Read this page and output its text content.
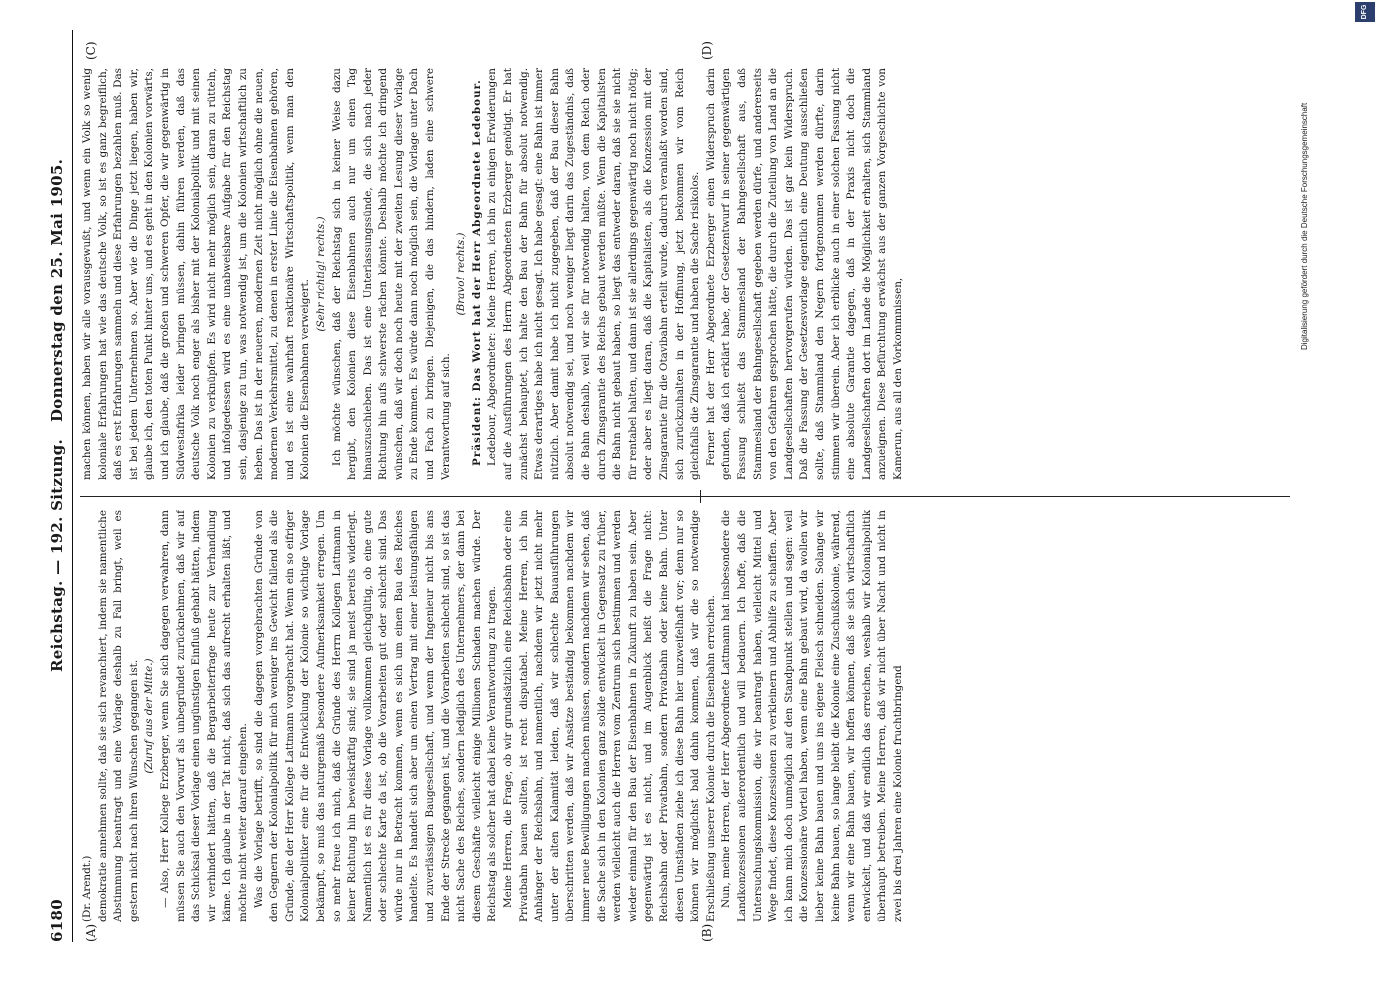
6180
Reichstag. — 192. Sitzung.
Donnerstag den 25. Mai 1905.
(A)	(B)
(C)	(D)

(Dr. Arendt.) demokratie annehmen sollte, daß sie sich revanchiert, indem sie namentliche Abstimmung beantragt und eine Vorlage deshalb zu Fall bringt, weil es gestern nicht nach ihren Wünschen gegangen ist. (Zuruf aus der Mitte.) — Also, Herr Kollege Erzberger, wenn Sie sich dagegen verwahren, dann müssen Sie auch den Vorwurf als unbegründet zurücknehmen, daß wir auf das Schicksal dieser Vorlage einen ungünstigen Einfluß gehabt hätten, indem wir verhindert hätten, daß die Bergarbeiterfrage heute zur Verhandlung käme. Ich glaube in der Tat nicht, daß sich das aufrecht erhalten läßt, und möchte nicht weiter darauf eingehen. Was die Vorlage betrifft, so sind die dagegen vorgebrachten Gründe von den Gegnern der Kolonialpolitik für mich weniger ins Gewicht fallend als die Gründe, die der Herr Kollege Lattmann vorgebracht hat. Wenn ein so eifriger Kolonialpolitiker eine für die Entwicklung der Kolonie so wichtige Vorlage bekämpft, so muß das naturgemäß besondere Aufmerksamkeit erregen. Um so mehr freue ich mich, daß die Gründe des Herrn Kollegen Lattmann in keiner Richtung hin beweiskräftig sind; sie sind ja meist bereits widerlegt. Namentlich ist es für diese Vorlage vollkommen gleichgültig, ob eine gute oder schlechte Karte da ist, ob die Vorarbeiten gut oder schlecht sind. Das würde nur in Betracht kommen, wenn es sich um einen Bau des Reiches handelte. Es handelt sich aber um einen Vertrag mit einer leistungsfähigen und zuverlässigen Baugesellschaft, und wenn der Ingenieur nicht bis ans Ende der Strecke gegangen ist, und die Vorarbeiten schlecht sind, so ist das nicht Sache des Reiches, sondern lediglich des Unternehmers, der dann bei diesem Geschäfte vielleicht einige Millionen Schaden machen würde. Der Reichstag als solcher hat dabei keine Verantwortung zu tragen. Meine Herren, die Frage, ob wir grundsätzlich eine Reichsbahn oder eine Privatbahn bauen sollten, ist recht disputabel. Meine Herren, ich bin Anhänger der Reichsbahn, und namentlich, nachdem wir jetzt nicht mehr unter der alten Kalamität leiden, daß wir schlechte Bauausführungen überschritten werden, daß wir Ansätze beständig bekommen nachdem wir immer neue Bewilligungen machen müssen, sondern nachdem wir sehen, daß die Sache sich in den Kolonien ganz solide entwickelt in Gegensatz zu früher, werden vielleicht auch die Herren vom Zentrum sich bestimmen und werden wieder einmal für den Bau der Eisenbahnen in Zukunft zu haben sein. Aber gegenwärtig ist es nicht, und im Augenblick heißt die Frage nicht: Reichsbahn oder Privatbahn, sondern Privatbahn oder keine Bahn. Unter diesen Umständen ziehe ich diese Bahn hier unzweifelhaft vor; denn nur so können wir möglichst bald dahin kommen, daß wir die so notwendige Erschließung unserer Kolonie durch die Eisenbahn erreichen. Nun, meine Herren, der Herr Abgeordnete Lattmann hat insbesondere die Landkonzessionen außerordentlich und will bedauern. Ich hoffe, daß die Untersuchungskommission, die wir beantragt haben, vielleicht Mittel und Wege findet, diese Konzessionen zu verkleinern und Abhilfe zu schaffen. Aber ich kann mich doch unmöglich auf den Standpunkt stellen und sagen: weil die Konzessionäre Vorteil haben, wenn eine Bahn gebaut wird, da wollen wir lieber keine Bahn bauen und uns ins eigene Fleisch schneiden. Solange wir keine Bahn bauen, so lange bleibt die Kolonie eine Zuschußkolonie, während, wenn wir eine Bahn bauen, wir hoffen können, daß sie sich wirtschaftlich entwickelt, und daß wir endlich das erreichen, weshalb wir Kolonialpolitik überhaupt betreiben. Meine Herren, daß wir nicht über Nacht und nicht in zwei bis drei Jahren eine Kolonie fruchtbringend

machen können, haben wir alle vorausgewußt, und wenn ein Volk so wenig koloniale Erfahrungen hat wie das deutsche Volk, so ist es ganz begreiflich, daß es erst Erfahrungen sammeln und diese Erfahrungen bezahlen muß. Das ist bei jedem Unternehmen so. Aber wie die Dinge jetzt liegen, haben wir, glaube ich, den toten Punkt hinter uns, und es geht in den Kolonien vorwärts, und ich glaube, daß die großen und schweren Opfer, die wir gegenwärtig in Südwestafrika leider bringen müssen, dahin führen werden, daß das deutsche Volk noch enger als bisher mit der Kolonialpolitik und mit seinen Kolonien zu verknüpfen. Es wird nicht mehr möglich sein, daran zu rütteln, und infolgedessen wird es eine unabweisbare Aufgabe für den Reichstag sein, dasjenige zu tun, was notwendig ist, um die Kolonien wirtschaftlich zu heben. Das ist in der neueren, modernen Zeit nicht möglich ohne die neuen, modernen Verkehrsmittel, zu denen in erster Linie die Eisenbahnen gehören, und es ist eine wahrhaft reaktionäre Wirtschaftspolitik, wenn man den Kolonien die Eisenbahnen verweigert.

(Sehr richtig! rechts.) Ich möchte wünschen, daß der Reichstag sich in keiner Weise dazu hergibt, den Kolonien diese Eisenbahnen auch nur um einen Tag hinauszuschieben. Das ist eine Unterlassungssünde, die sich nach jeder Richtung hin aufs schwerste rächen könnte. Deshalb möchte ich dringend wünschen, daß wir doch noch heute mit der zweiten Lesung dieser Vorlage zu Ende kommen. Es würde dann noch möglich sein, die Vorlage unter Dach und Fach zu bringen. Diejenigen, die das hindern, laden eine schwere Verantwortung auf sich.

(Bravo! rechts.) Präsident: Das Wort hat der Herr Abgeordnete Ledebour. Ledebour, Abgeordneter: Meine Herren, ich bin zu einigen Erwiderungen auf die Ausführungen des Herrn Abgeordneten Erzberger genötigt. Er hat zunächst behauptet, ich halte den Bau der Bahn für absolut notwendig. Etwas derartiges habe ich nicht gesagt. Ich habe gesagt: eine Bahn ist immer nützlich. Aber damit habe ich nicht zugegeben, daß der Bau dieser Bahn absolut notwendig sei, und noch weniger liegt darin das Zugeständnis, daß die Bahn deshalb, weil wir sie für notwendig halten, von dem Reich oder durch Zinsgarantie des Reichs gebaut werden müßte. Wenn die Kapitalisten die Bahn nicht gebaut haben, so liegt das entweder daran, daß sie sie nicht für rentabel halten, und dann ist sie allerdings gegenwärtig noch nicht nötig; oder aber es liegt daran, daß die Kapitalisten, als die Konzession mit der Zinsgarantie für die Otavibahn erteilt wurde, dadurch veranlaßt worden sind, sich zurückzuhalten in der Hoffnung, jetzt bekommen wir vom Reich gleichfalls die Zinsgarantie und haben die Sache risikolos. Ferner hat der Herr Abgeordnete Erzberger einen Widerspruch darin gefunden, daß ich erklärt habe, der Gesetzentwurf in seiner gegenwärtigen Fassung schließt das Stammesland der Bahngesellschaft aus, daß Stammesland der Bahngesellschaft gegeben werden dürfe, und andererseits von den Gefahren gesprochen hätte, die durch die Zuteilung von Land an die Landgesellschaften hervorgerufen würden. Das ist gar kein Widerspruch. Daß die Fassung der Gesetzesvorlage eigentlich eine Deutung ausschließen sollte, daß Stammland den Negern fortgenommen werden dürfte, darin stimmen wir überein. Aber ich erblicke auch in einer solchen Fassung nicht eine absolute Garantie dagegen, daß in der Praxis nicht doch die Landgesellschaften dort im Lande die Möglichkeit erhalten, sich Stammland anzueignen. Diese Befürchtung erwächst aus der ganzen Vorgeschichte von Kamerun, aus all den Vorkommnissen,

Digitalisierung gefördert durch die Deutsche Forschungsgemeinschaft
DFG
